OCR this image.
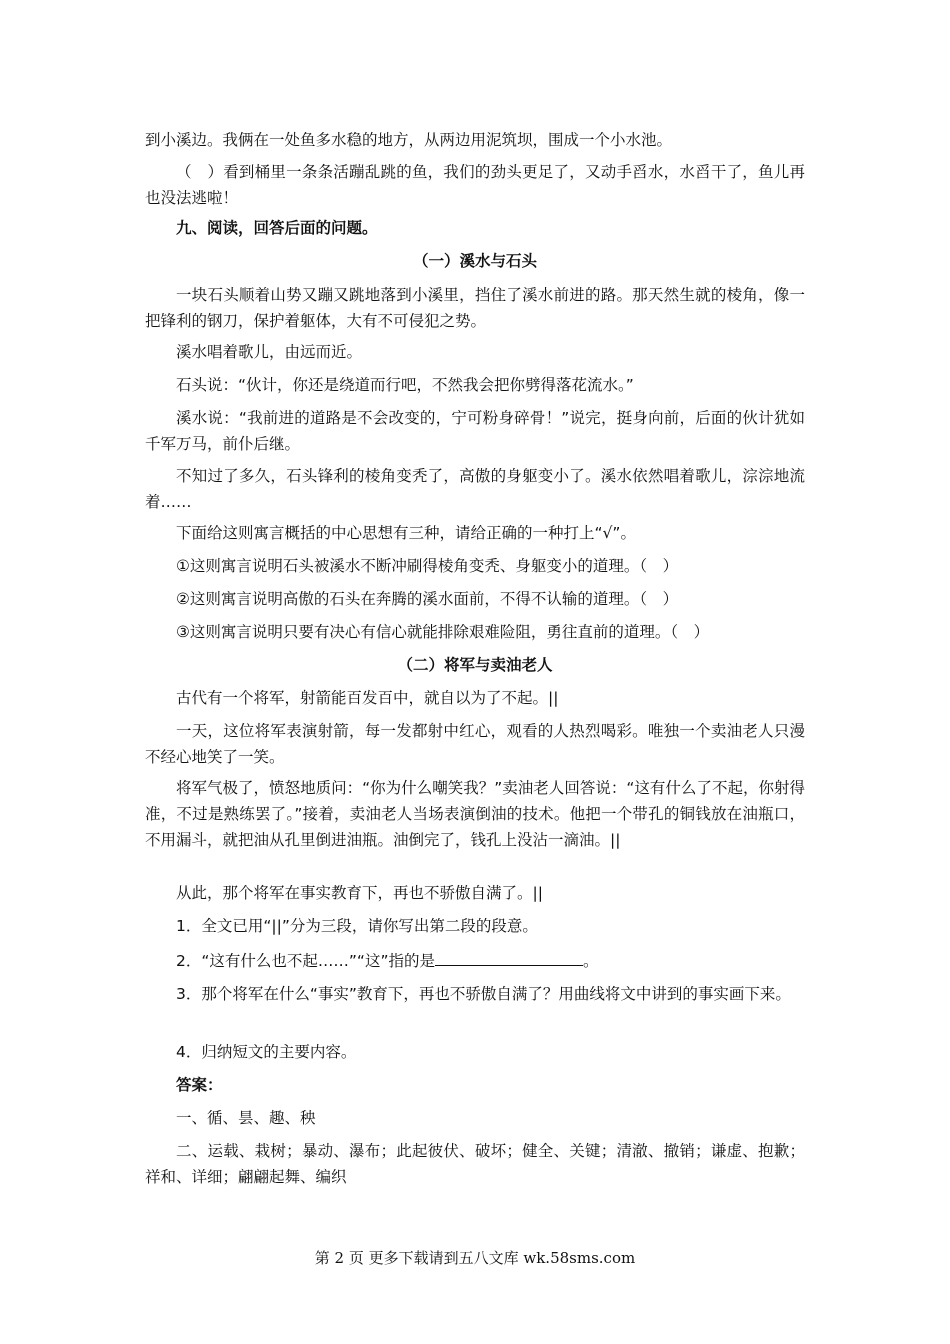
到小溪边。我俩在一处鱼多水稳的地方，从两边用泥筑坝，围成一个小水池。
（　）看到桶里一条条活蹦乱跳的鱼，我们的劲头更足了，又动手舀水，水舀干了，鱼儿再也没法逃啦！
九、阅读，回答后面的问题。
（一）溪水与石头
一块石头顺着山势又蹦又跳地落到小溪里，挡住了溪水前进的路。那天然生就的棱角，像一把锋利的钢刀，保护着躯体，大有不可侵犯之势。
溪水唱着歌儿，由远而近。
石头说：“伙计，你还是绕道而行吧，不然我会把你劈得落花流水。”
溪水说：“我前进的道路是不会改变的，宁可粉身碎骨！”说完，挺身向前，后面的伙计犹如千军万马，前仆后继。
不知过了多久，石头锋利的棱角变秃了，高傲的身躯变小了。溪水依然唱着歌儿，淙淙地流着……
下面给这则寓言概括的中心思想有三种，请给正确的一种打上“√”。
①这则寓言说明石头被溪水不断冲刷得棱角变秃、身躯变小的道理。（　）
②这则寓言说明高傲的石头在奔腾的溪水面前，不得不认输的道理。（　）
③这则寓言说明只要有决心有信心就能排除艰难险阻，勇往直前的道理。（　）
（二）将军与卖油老人
古代有一个将军，射箭能百发百中，就自以为了不起。||
一天，这位将军表演射箭，每一发都射中红心，观看的人热烈喝彩。唯独一个卖油老人只漫不经心地笑了一笑。
将军气极了，愤怒地质问：“你为什么嘲笑我？”卖油老人回答说：“这有什么了不起，你射得准，不过是熟练罢了。”接着，卖油老人当场表演倒油的技术。他把一个带孔的铜钱放在油瓶口，不用漏斗，就把油从孔里倒进油瓶。油倒完了，钱孔上没沾一滴油。||
从此，那个将军在事实教育下，再也不骄傲自满了。||
1．全文已用“||”分为三段，请你写出第二段的段意。
2．“这有什么也不起……”“这”指的是	。
3．那个将军在什么“事实”教育下，再也不骄傲自满了？用曲线将文中讲到的事实画下来。
4．归纳短文的主要内容。
答案：
一、循、昙、趣、秧
二、运载、栽树；暴动、瀑布；此起彼伏、破坏；健全、关键；清澈、撤销；谦虚、抱歉；祥和、详细；翩翩起舞、编织
第 2 页 更多下载请到五八文库 wk.58sms.com
